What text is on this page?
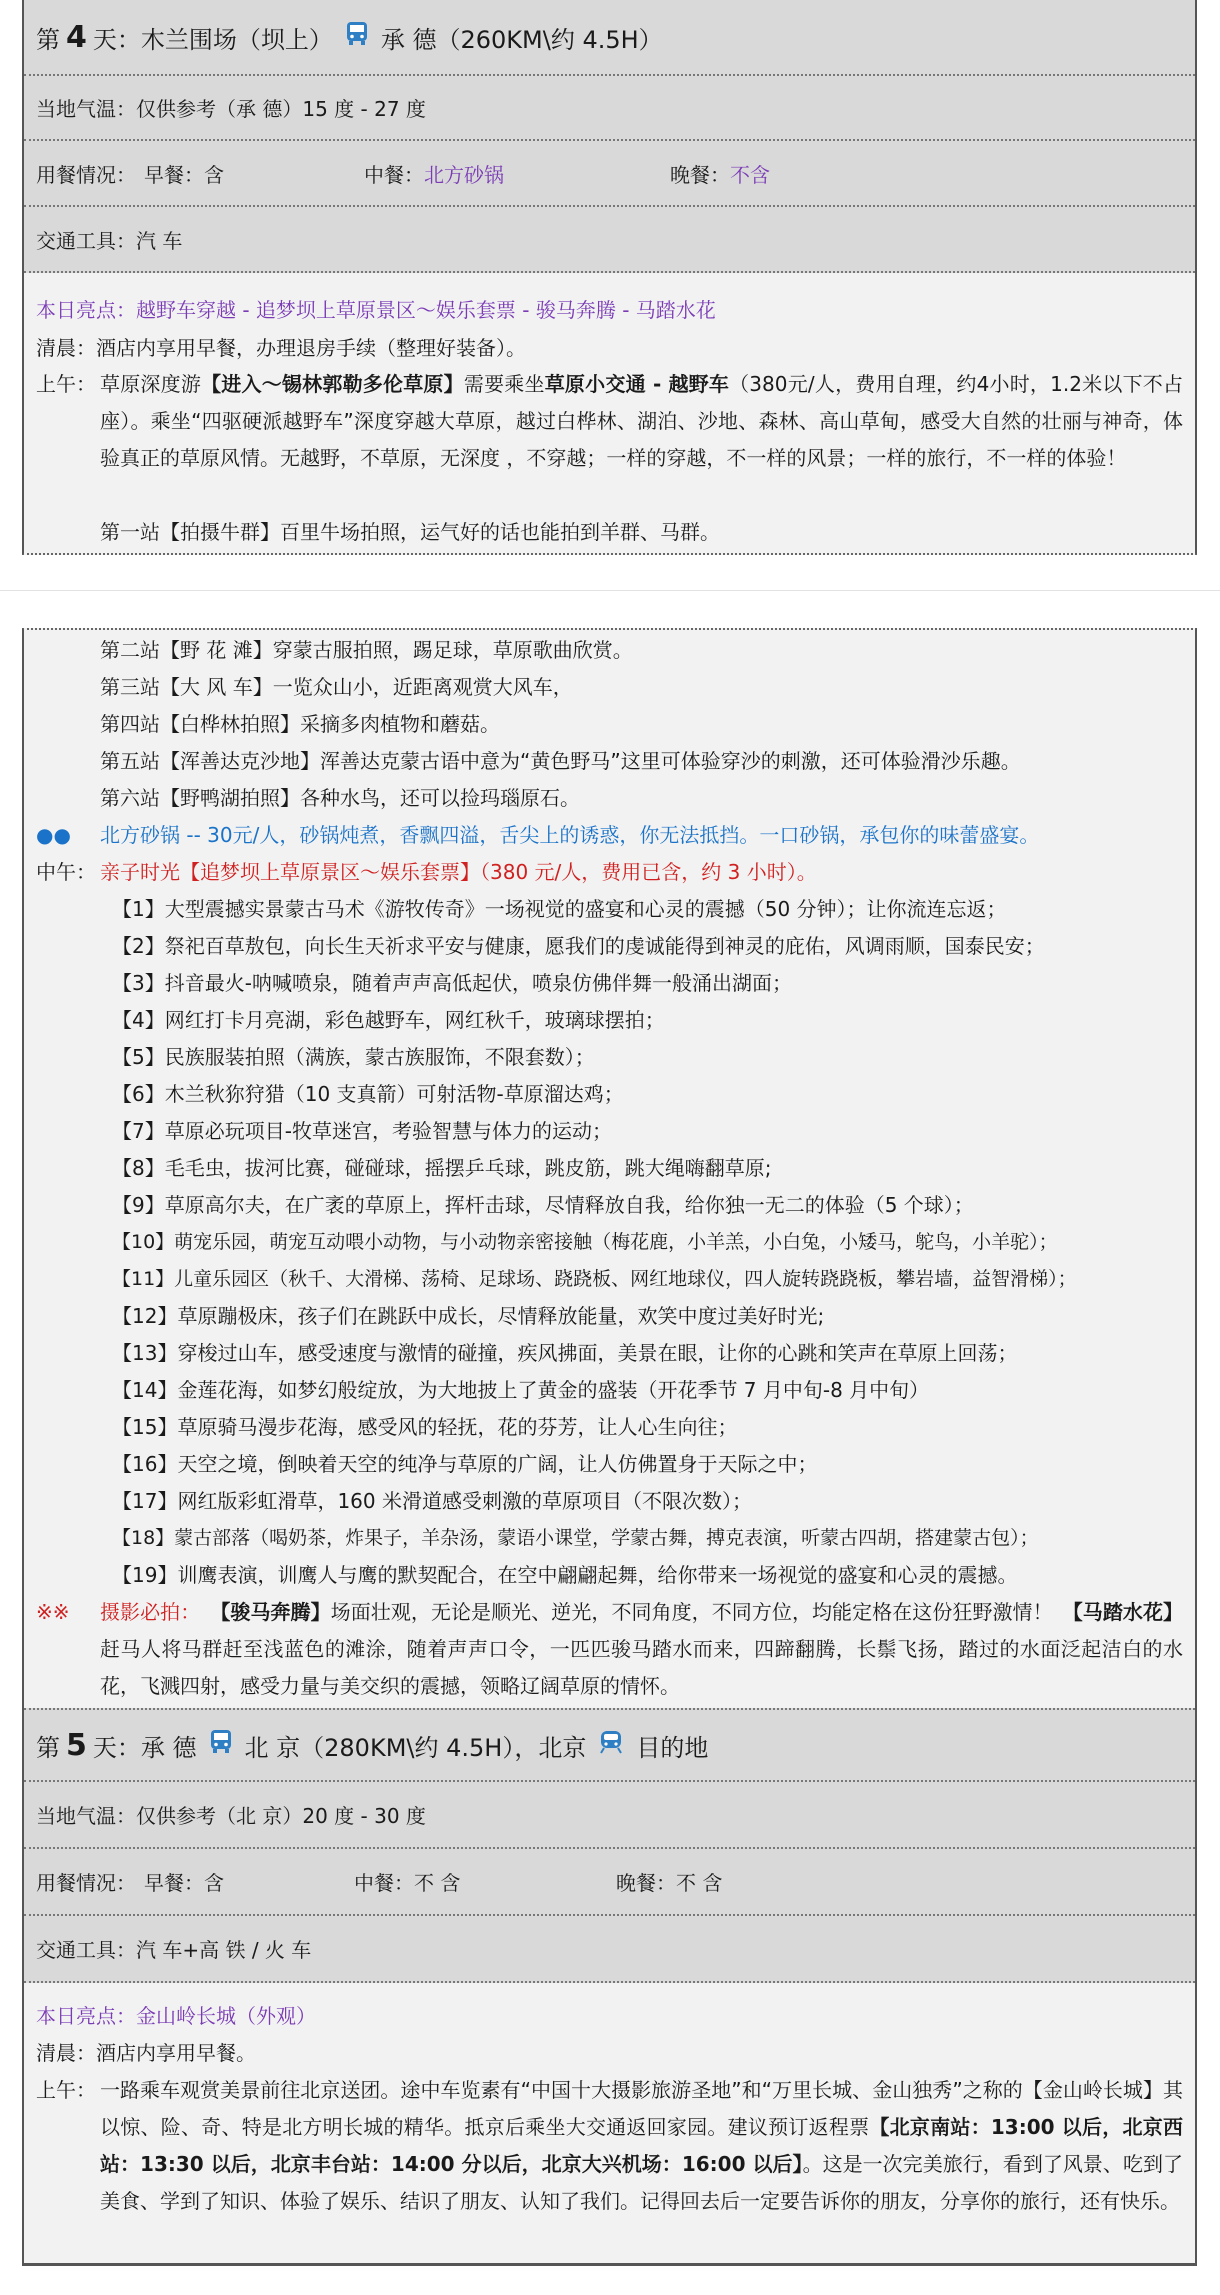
第 4 天：木兰围场（坝上） 承 德（260KM\约 4.5H）
当地气温：仅供参考（承 德）15 度 - 27 度
用餐情况： 早餐： 含	中餐： 北方砂锅	晚餐： 不含
交通工具：汽 车
本日亮点：越野车穿越 - 追梦坝上草原景区～娱乐套票 - 骏马奔腾 - 马踏水花
清晨：酒店内享用早餐，办理退房手续（整理好装备）。
上午： 草原深度游【进入～锡林郭勒多伦草原】需要乘坐草原小交通 - 越野车（380元/人，费用自理，约4小时，1.2米以下不占座）。乘坐“四驱硬派越野车”深度穿越大草原，越过白桦林、湖泊、沙地、森林、高山草甸，感受大自然的壮丽与神奇，体验真正的草原风情。无越野，不草原，无深度 ，不穿越；一样的穿越，不一样的风景；一样的旅行，不一样的体验！
第一站【拍摄牛群】百里牛场拍照，运气好的话也能拍到羊群、马群。
第二站【野 花 滩】穿蒙古服拍照，踢足球，草原歌曲欣赏。
第三站【大 风 车】一览众山小，近距离观赏大风车，
第四站【白桦林拍照】采摘多肉植物和蘑菇。
第五站【浑善达克沙地】浑善达克蒙古语中意为“黄色野马”这里可体验穿沙的刺激，还可体验滑沙乐趣。
第六站【野鸭湖拍照】各种水鸟，还可以捡玛瑙原石。
●● 北方砂锅 -- 30元/人，砂锅炖煮，香飘四溢，舌尖上的诱惑，你无法抵挡。一口砂锅，承包你的味蕾盛宴。
中午： 亲子时光【追梦坝上草原景区～娱乐套票】（380 元/人，费用已含，约 3 小时）。
【1】大型震撼实景蒙古马术《游牧传奇》一场视觉的盛宴和心灵的震撼（50 分钟）；让你流连忘返；
【2】祭祀百草敖包，向长生天祈求平安与健康，愿我们的虔诚能得到神灵的庇佑，风调雨顺，国泰民安；
【3】抖音最火-呐喊喷泉，随着声声高低起伏，喷泉仿佛伴舞一般涌出湖面；
【4】网红打卡月亮湖，彩色越野车，网红秋千，玻璃球摆拍；
【5】民族服装拍照（满族，蒙古族服饰，不限套数）；
【6】木兰秋狝狩猎（10 支真箭）可射活物-草原溜达鸡；
【7】草原必玩项目-牧草迷宫，考验智慧与体力的运动；
【8】毛毛虫，拔河比赛，碰碰球，摇摆乒乓球，跳皮筋，跳大绳嗨翻草原;
【9】草原高尔夫，在广袤的草原上，挥杆击球，尽情释放自我，给你独一无二的体验（5 个球）；
【10】萌宠乐园，萌宠互动喂小动物，与小动物亲密接触（梅花鹿，小羊羔，小白兔，小矮马，鸵鸟，小羊驼）；
【11】儿童乐园区（秋千、大滑梯、荡椅、足球场、跷跷板、网红地球仪，四人旋转跷跷板，攀岩墙，益智滑梯）；
【12】草原蹦极床，孩子们在跳跃中成长，尽情释放能量，欢笑中度过美好时光;
【13】穿梭过山车，感受速度与激情的碰撞，疾风拂面，美景在眼，让你的心跳和笑声在草原上回荡；
【14】金莲花海，如梦幻般绽放，为大地披上了黄金的盛装（开花季节 7 月中旬-8 月中旬）
【15】草原骑马漫步花海，感受风的轻抚，花的芬芳，让人心生向往；
【16】天空之境，倒映着天空的纯净与草原的广阔，让人仿佛置身于天际之中；
【17】网红版彩虹滑草，160 米滑道感受刺激的草原项目（不限次数）；
【18】蒙古部落（喝奶茶，炸果子，羊杂汤，蒙语小课堂，学蒙古舞，搏克表演，听蒙古四胡，搭建蒙古包）；
【19】训鹰表演，训鹰人与鹰的默契配合，在空中翩翩起舞，给你带来一场视觉的盛宴和心灵的震撼。
※※ 摄影必拍： 【骏马奔腾】场面壮观，无论是顺光、逆光，不同角度，不同方位，均能定格在这份狂野激情！ 【马踏水花】赶马人将马群赶至浅蓝色的滩涂，随着声声口令，一匹匹骏马踏水而来，四蹄翻腾，长鬃飞扬，踏过的水面泛起洁白的水花，飞溅四射，感受力量与美交织的震撼，领略辽阔草原的情怀。
第 5 天：承 德 北 京（280KM\约 4.5H），北京 目的地
当地气温：仅供参考（北 京）20 度 - 30 度
用餐情况： 早餐： 含	中餐： 不 含	晚餐： 不 含
交通工具：汽 车+高 铁 / 火 车
本日亮点：金山岭长城（外观）
清晨：酒店内享用早餐。
上午： 一路乘车观赏美景前往北京送团。途中车览素有“中国十大摄影旅游圣地”和“万里长城、金山独秀”之称的【金山岭长城】其以惊、险、奇、特是北方明长城的精华。抵京后乘坐大交通返回家园。建议预订返程票【北京南站：13:00 以后，北京西站：13:30 以后，北京丰台站：14:00 分以后，北京大兴机场：16:00 以后】。这是一次完美旅行，看到了风景、吃到了美食、学到了知识、体验了娱乐、结识了朋友、认知了我们。记得回去后一定要告诉你的朋友，分享你的旅行，还有快乐。
